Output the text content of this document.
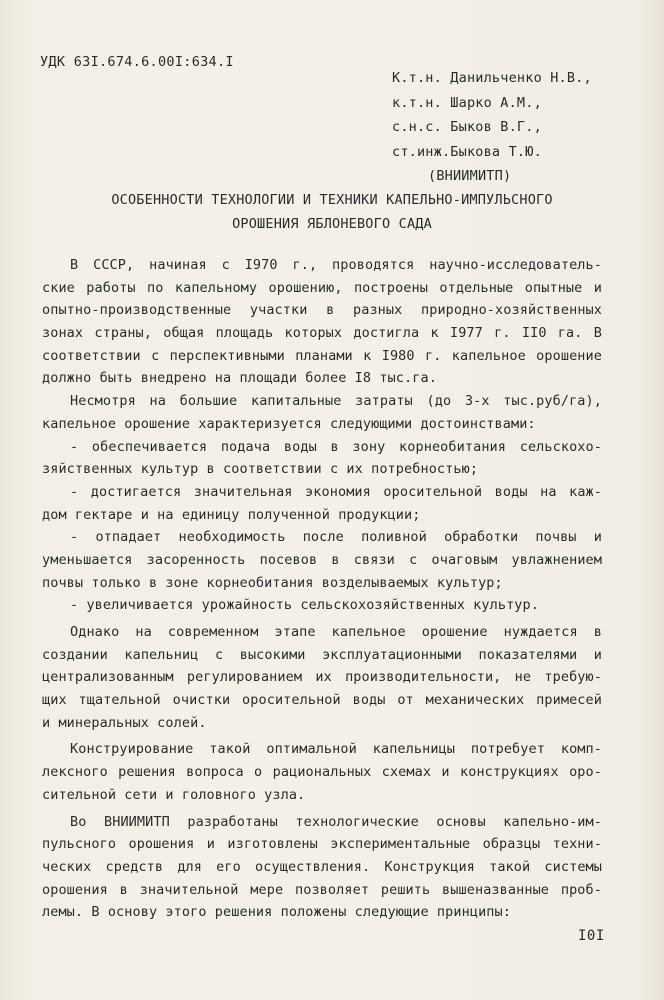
УДК 63I.674.6.00I:634.I
К.т.н. Данильченко Н.В.,
к.т.н. Шарко А.М.,
с.н.с. Быков В.Г.,
ст.инж.Быкова Т.Ю.
(ВНИИМИТП)
ОСОБЕННОСТИ ТЕХНОЛОГИИ И ТЕХНИКИ КАПЕЛЬНО-ИМПУЛЬСНОГО
ОРОШЕНИЯ ЯБЛОНЕВОГО САДА
В СССР, начиная с I970 г., проводятся научно-исследователь-
ские работы по капельному орошению, построены отдельные опытные и
опытно-производственные участки в разных природно-хозяйственных
зонах страны, общая площадь которых достигла к I977 г. II0 га. В
соответствии с перспективными планами к I980 г. капельное орошение
должно быть внедрено на площади более I8 тыс.га.
Несмотря на большие капитальные затраты (до 3-х тыс.руб/га),
капельное орошение характеризуется следующими достоинствами:
- обеспечивается подача воды в зону корнеобитания сельскохо-
зяйственных культур в соответствии с их потребностью;
- достигается значительная экономия оросительной воды на каж-
дом гектаре и на единицу полученной продукции;
- отпадает необходимость после поливной обработки почвы и
уменьшается засоренность посевов в связи с очаговым увлажнением
почвы только в зоне корнеобитания возделываемых культур;
- увеличивается урожайность сельскохозяйственных культур.
Однако на современном этапе капельное орошение нуждается в
создании капельниц с высокими эксплуатационными показателями и
централизованным регулированием их производительности, не требую-
щих тщательной очистки оросительной воды от механических примесей
и минеральных солей.
Конструирование такой оптимальной капельницы потребует комп-
лексного решения вопроса о рациональных схемах и конструкциях оро-
сительной сети и головного узла.
Во ВНИИМИТП разработаны технологические основы капельно-им-
пульсного орошения и изготовлены экспериментальные образцы техни-
ческих средств для его осуществления. Конструкция такой системы
орошения в значительной мере позволяет решить вышеназванные проб-
лемы. В основу этого решения положены следующие принципы:
I0I
